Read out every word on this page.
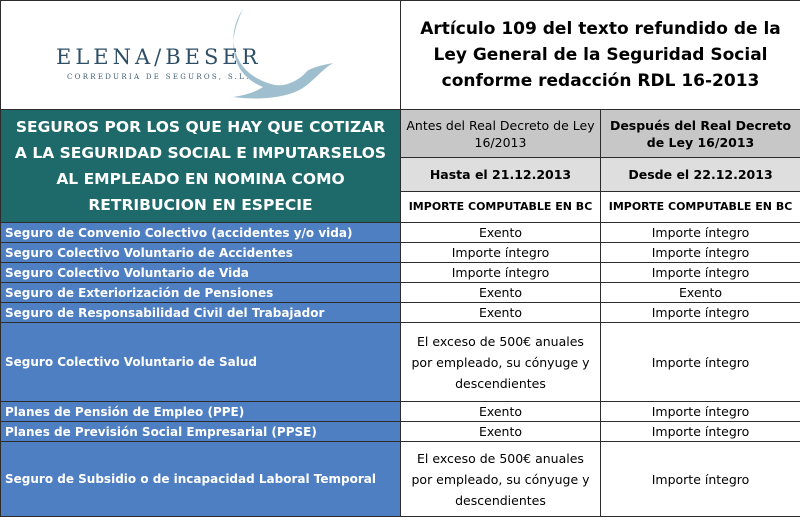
ELENA/BESER
CORREDURIA DE SEGUROS, S.L.	Artículo 109 del texto refundido de la Ley General de la Seguridad Social conforme redacción RDL 16-2013	
SEGUROS POR LOS QUE HAY QUE COTIZAR A LA SEGURIDAD SOCIAL E IMPUTARSELOS AL EMPLEADO EN NOMINA COMO RETRIBUCION EN ESPECIE	Antes del Real Decreto de Ley 16/2013	Después del Real Decreto de Ley 16/2013
	Hasta el 21.12.2013	Desde el 22.12.2013
	IMPORTE COMPUTABLE EN BC	IMPORTE COMPUTABLE EN BC
Seguro de Convenio Colectivo (accidentes y/o vida)	Exento	Importe íntegro
Seguro Colectivo Voluntario de Accidentes	Importe íntegro	Importe íntegro
Seguro Colectivo Voluntario de Vida	Importe íntegro	Importe íntegro
Seguro de Exteriorización de Pensiones	Exento	Exento
Seguro de Responsabilidad Civil del Trabajador	Exento	Importe íntegro
Seguro Colectivo Voluntario de Salud	El exceso de 500€ anuales por empleado, su cónyuge y descendientes	Importe íntegro
Planes de Pensión de Empleo (PPE)	Exento	Importe íntegro
Planes de Previsión Social Empresarial (PPSE)	Exento	Importe íntegro
Seguro de Subsidio o de incapacidad Laboral Temporal	El exceso de 500€ anuales por empleado, su cónyuge y descendientes	Importe íntegro
